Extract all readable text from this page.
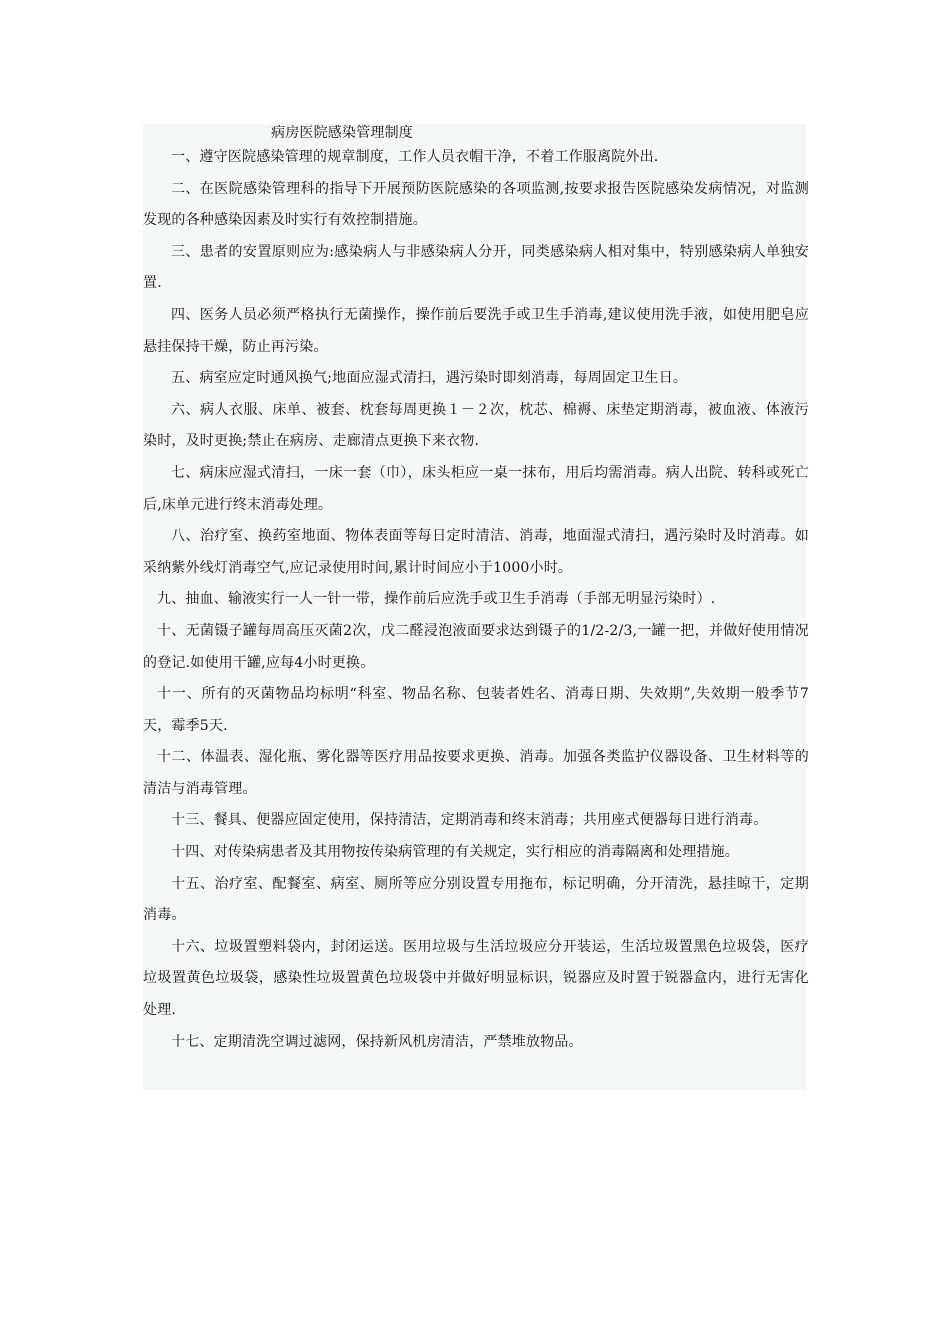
病房医院感染管理制度

一、遵守医院感染管理的规章制度，工作人员衣帽干净，不着工作服离院外出.

二、在医院感染管理科的指导下开展预防医院感染的各项监测,按要求报告医院感染发病情况，对监测发现的各种感染因素及时实行有效控制措施。

三、患者的安置原则应为:感染病人与非感染病人分开，同类感染病人相对集中，特别感染病人单独安置.

四、医务人员必须严格执行无菌操作，操作前后要洗手或卫生手消毒,建议使用洗手液，如使用肥皂应悬挂保持干燥，防止再污染。

五、病室应定时通风换气;地面应湿式清扫，遇污染时即刻消毒，每周固定卫生日。

六、病人衣服、床单、被套、枕套每周更换１－２次，枕芯、棉褥、床垫定期消毒，被血液、体液污染时，及时更换;禁止在病房、走廊清点更换下来衣物.

七、病床应湿式清扫，一床一套（巾），床头柜应一桌一抹布，用后均需消毒。病人出院、转科或死亡后,床单元进行终末消毒处理。

八、治疗室、换药室地面、物体表面等每日定时清洁、消毒，地面湿式清扫，遇污染时及时消毒。如采纳紫外线灯消毒空气,应记录使用时间,累计时间应小于1000小时。

九、抽血、输液实行一人一针一带，操作前后应洗手或卫生手消毒（手部无明显污染时）.

十、无菌镊子罐每周高压灭菌2次，戊二醛浸泡液面要求达到镊子的1/2-2/3,一罐一把，并做好使用情况的登记.如使用干罐,应每4小时更换。

十一、所有的灭菌物品均标明“科室、物品名称、包装者姓名、消毒日期、失效期”,失效期一般季节7天，霉季5天.

十二、体温表、湿化瓶、雾化器等医疗用品按要求更换、消毒。加强各类监护仪器设备、卫生材料等的清洁与消毒管理。

十三、餐具、便器应固定使用，保持清洁，定期消毒和终末消毒；共用座式便器每日进行消毒。

十四、对传染病患者及其用物按传染病管理的有关规定，实行相应的消毒隔离和处理措施。

十五、治疗室、配餐室、病室、厕所等应分别设置专用拖布，标记明确，分开清洗，悬挂晾干，定期消毒。

十六、垃圾置塑料袋内，封闭运送。医用垃圾与生活垃圾应分开装运，生活垃圾置黑色垃圾袋，医疗垃圾置黄色垃圾袋，感染性垃圾置黄色垃圾袋中并做好明显标识，锐器应及时置于锐器盒内，进行无害化处理.

十七、定期清洗空调过滤网，保持新风机房清洁，严禁堆放物品。
